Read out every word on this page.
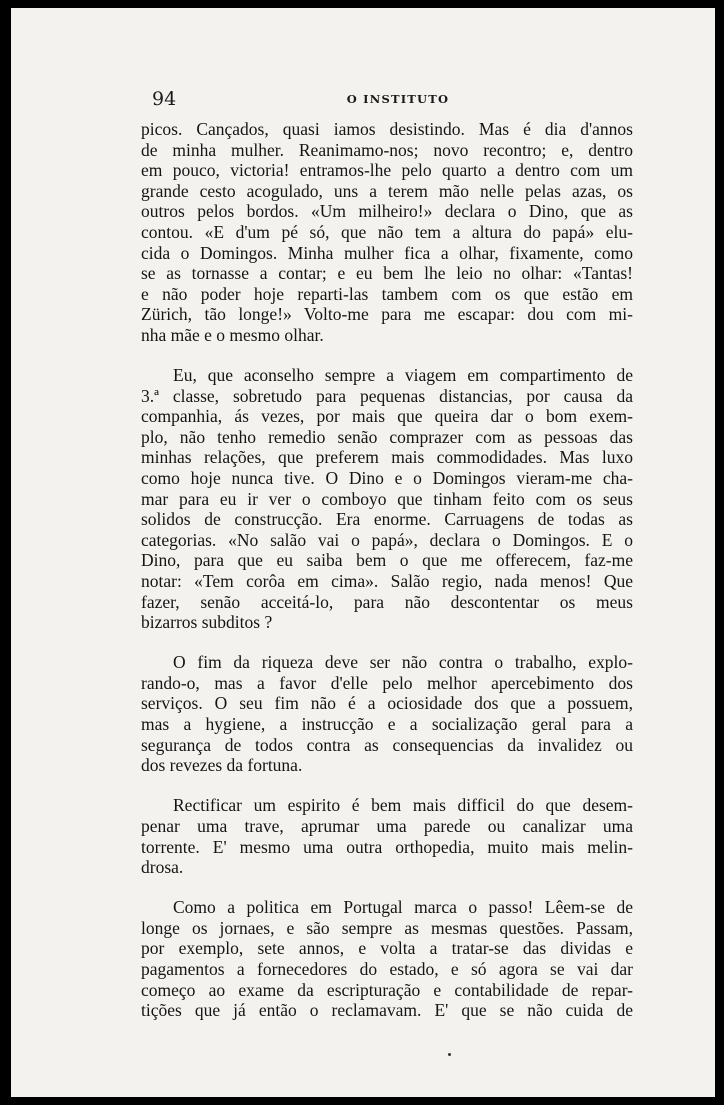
94	O INSTITUTO
picos. Cançados, quasi iamos desistindo. Mas é dia d'annos
de minha mulher. Reanimamo-nos; novo recontro; e, dentro
em pouco, victoria! entramos-lhe pelo quarto a dentro com um
grande cesto acogulado, uns a terem mão nelle pelas azas, os
outros pelos bordos. «Um milheiro!» declara o Dino, que as
contou. «E d'um pé só, que não tem a altura do papá» elu-
cida o Domingos. Minha mulher fica a olhar, fixamente, como
se as tornasse a contar; e eu bem lhe leio no olhar: «Tantas!
e não poder hoje reparti-las tambem com os que estão em
Zürich, tão longe!» Volto-me para me escapar: dou com mi-
nha mãe e o mesmo olhar.
Eu, que aconselho sempre a viagem em compartimento de
3.ª classe, sobretudo para pequenas distancias, por causa da
companhia, ás vezes, por mais que queira dar o bom exem-
plo, não tenho remedio senão comprazer com as pessoas das
minhas relações, que preferem mais commodidades. Mas luxo
como hoje nunca tive. O Dino e o Domingos vieram-me cha-
mar para eu ir ver o comboyo que tinham feito com os seus
solidos de construcção. Era enorme. Carruagens de todas as
categorias. «No salão vai o papá», declara o Domingos. E o
Dino, para que eu saiba bem o que me offerecem, faz-me
notar: «Tem corôa em cima». Salão regio, nada menos! Que
fazer, senão acceitá-lo, para não descontentar os meus
bizarros subditos ?
O fim da riqueza deve ser não contra o trabalho, explo-
rando-o, mas a favor d'elle pelo melhor apercebimento dos
serviços. O seu fim não é a ociosidade dos que a possuem,
mas a hygiene, a instrucção e a socialização geral para a
segurança de todos contra as consequencias da invalidez ou
dos revezes da fortuna.
Rectificar um espirito é bem mais difficil do que desem-
penar uma trave, aprumar uma parede ou canalizar uma
torrente. E' mesmo uma outra orthopedia, muito mais melin-
drosa.
Como a politica em Portugal marca o passo! Lêem-se de
longe os jornaes, e são sempre as mesmas questões. Passam,
por exemplo, sete annos, e volta a tratar-se das dividas e
pagamentos a fornecedores do estado, e só agora se vai dar
começo ao exame da escripturação e contabilidade de repar-
tições que já então o reclamavam. E' que se não cuida de
